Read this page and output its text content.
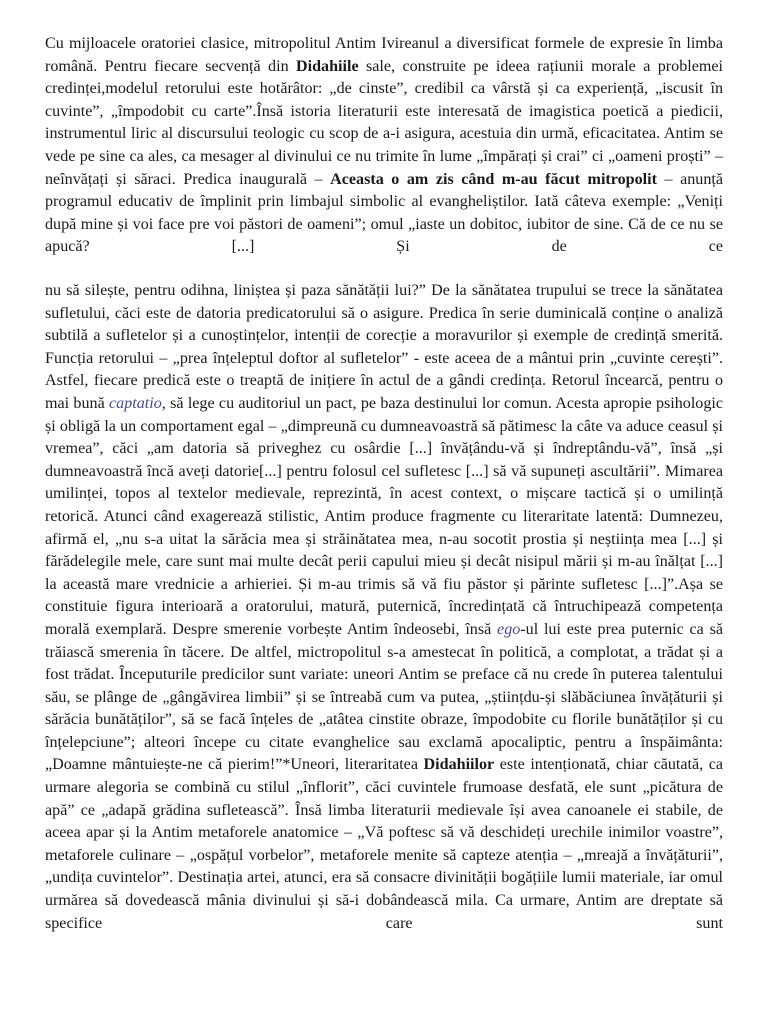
Cu mijloacele oratoriei clasice, mitropolitul Antim Ivireanul a diversificat formele de expresie în limba română. Pentru fiecare secvență din Didahiile sale, construite pe ideea rațiunii morale a problemei credinței,modelul retorului este hotărâtor: „de cinste”, credibil ca vârstă și ca experiență, „iscusit în cuvinte”, „împodobit cu carte”.Însă istoria literaturii este interesată de imagistica poetică a piedicii, instrumentul liric al discursului teologic cu scop de a-i asigura, acestuia din urmă, eficacitatea. Antim se vede pe sine ca ales, ca mesager al divinului ce nu trimite în lume „împărați și crai” ci „oameni proști” – neînvățați și săraci. Predica inaugurală – Aceasta o am zis când m-au făcut mitropolit – anunță programul educativ de împlinit prin limbajul simbolic al evangheliștilor. Iată câteva exemple: „Veniți după mine și voi face pre voi păstori de oameni”; omul „iaste un dobitoc, iubitor de sine. Că de ce nu se apucă? [...] Și de ce

nu să silește, pentru odihna, liniștea și paza sănătății lui?” De la sănătatea trupului se trece la sănătatea sufletului, căci este de datoria predicatorului să o asigure. Predica în serie duminicală conține o analiză subtilă a sufletelor și a cunoștințelor, intenții de corecție a moravurilor și exemple de credință smerită. Funcția retorului – „prea înțeleptul doftor al sufletelor” - este aceea de a mântui prin „cuvinte cerești”. Astfel, fiecare predică este o treaptă de inițiere în actul de a gândi credința. Retorul încearcă, pentru o mai bună captatio, să lege cu auditoriul un pact, pe baza destinului lor comun. Acesta apropie psihologic și obligă la un comportament egal – „dimpreună cu dumneavoastră să pătimesc la câte va aduce ceasul și vremea”, căci „am datoria să priveghez cu osârdie [...] învățându-vă și îndreptându-vă”, însă „și dumneavoastră încă aveți datorie[...] pentru folosul cel sufletesc [...] să vă supuneți ascultării”. Mimarea umilinței, topos al textelor medievale, reprezintă, în acest context, o mișcare tactică și o umilință retorică. Atunci când exagerează stilistic, Antim produce fragmente cu literaritate latentă: Dumnezeu, afirmă el, „nu s-a uitat la sărăcia mea și străinătatea mea, n-au socotit prostia și neștiința mea [...] și fărădelegile mele, care sunt mai multe decât perii capului mieu și decât nisipul mării și m-au înălțat [...] la această mare vrednicie a arhieriei. Și m-au trimis să vă fiu păstor și părinte sufletesc [...]”.Așa se constituie figura interioară a oratorului, matură, puternică, încredințată că întruchipează competența morală exemplară. Despre smerenie vorbește Antim îndeosebi, însă ego-ul lui este prea puternic ca să trăiască smerenia în tăcere. De altfel, mictropolitul s-a amestecat în politică, a complotat, a trădat și a fost trădat. Începuturile predicilor sunt variate: uneori Antim se preface că nu crede în puterea talentului său, se plânge de „gângăvirea limbii” și se întreabă cum va putea, „științdu-și slăbăciunea învățăturii și sărăcia bunătăților”, să se facă înțeles de „atâtea cinstite obraze, împodobite cu florile bunătăților și cu înțelepciune”; alteori începe cu citate evanghelice sau exclamă apocaliptic, pentru a înspăimânta: „Doamne mântuiește-ne că pierim!”*Uneori, literaritatea Didahiilor este intenționată, chiar căutată, ca urmare alegoria se combină cu stilul „înflorit”, căci cuvintele frumoase desfată, ele sunt „picătura de apă” ce „adapă grădina sufletească”. Însă limba literaturii medievale își avea canoanele ei stabile, de aceea apar și la Antim metaforele anatomice – „Vă poftesc să vă deschideți urechile inimilor voastre”, metaforele culinare – „ospățul vorbelor”, metaforele menite să capteze atenția – „mreajă a învățăturii”, „undița cuvintelor”. Destinația artei, atunci, era să consacre divinității bogățiile lumii materiale, iar omul urmărea să dovedească mânia divinului și să-i dobândească mila. Ca urmare, Antim are dreptate să specifice care sunt
